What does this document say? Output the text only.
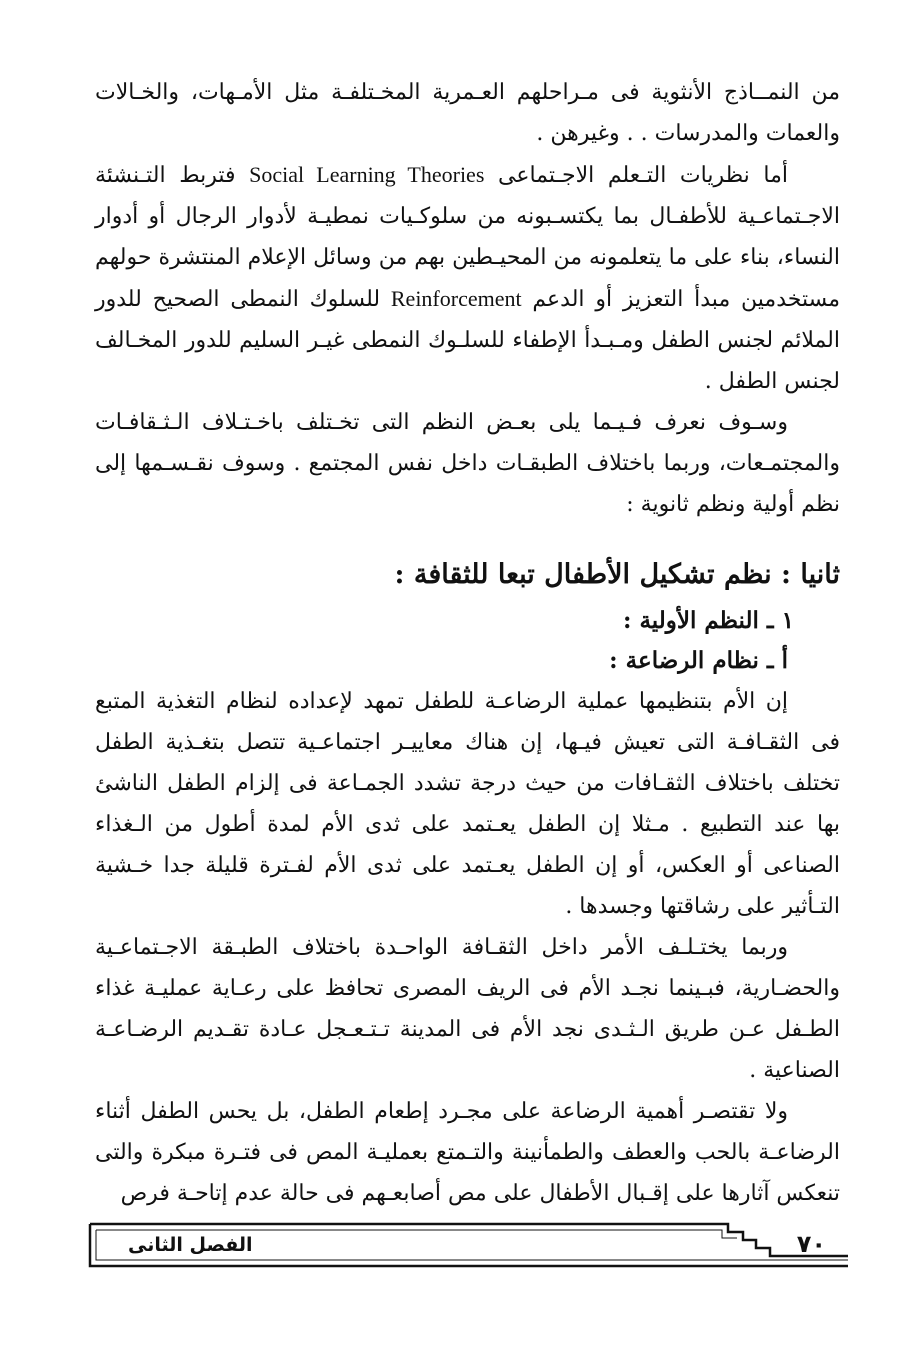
من النمــاذج الأنثوية فى مـراحلهم العـمرية المخـتلفـة مثل الأمـهات، والخـالات والعمات والمدرسات . . وغيرهن .

أما نظريات التـعلم الاجـتماعى Social Learning Theories فتربط التـنشئة الاجـتماعـية للأطفـال بما يكتسـبونه من سلوكـيات نمطيـة لأدوار الرجال أو أدوار النساء، بناء على ما يتعلمونه من المحيـطين بهم من وسائل الإعلام المنتشرة حولهم مستخدمين مبدأ التعزيز أو الدعم Reinforcement للسلوك النمطى الصحيح للدور الملائم لجنس الطفل ومـبـدأ الإطفاء للسلـوك النمطى غيـر السليم للدور المخـالف لجنس الطفل .

وسـوف نعرف فـيـما يلى بعـض النظم التى تخـتلف باخـتـلاف الـثـقافـات والمجتمـعات، وربما باختلاف الطبقـات داخل نفس المجتمع . وسوف نقـسـمها إلى نظم أولية ونظم ثانوية :

ثانيا : نظم تشكيل الأطفال تبعا للثقافة :
١ ـ النظم الأولية :
أ ـ نظام الرضاعة :

إن الأم بتنظيمها عملية الرضاعـة للطفل تمهد لإعداده لنظام التغذية المتبع فى الثقـافـة التى تعيش فيـها، إن هناك معاييـر اجتماعـية تتصل بتغـذية الطفل تختلف باختلاف الثقـافات من حيث درجة تشدد الجمـاعة فى إلزام الطفل الناشئ بها عند التطبيع . مـثلا إن الطفل يعـتمد على ثدى الأم لمدة أطول من الـغذاء الصناعى أو العكس، أو إن الطفل يعـتمد على ثدى الأم لفـترة قليلة جدا خـشية التـأثير على رشاقتها وجسدها .

وربما يختـلـف الأمر داخل الثقـافة الواحـدة باختلاف الطبـقة الاجـتماعـية والحضـارية، فبـينما نجـد الأم فى الريف المصرى تحافظ على رعـاية عمليـة غذاء الطـفل عـن طريق الـثـدى نجد الأم فى المدينة تـتـعـجل عـادة تقـديم الرضـاعـة الصناعية .

ولا تقتصـر أهمية الرضاعة على مجـرد إطعام الطفل، بل يحس الطفل أثناء الرضاعـة بالحب والعطف والطمأنينة والتـمتع بعمليـة المص فى فتـرة مبكرة والتى تنعكس آثارها على إقـبال الأطفال على مص أصابعـهم فى حالة عدم إتاحـة فرص

٧٠
الفصل الثانى
